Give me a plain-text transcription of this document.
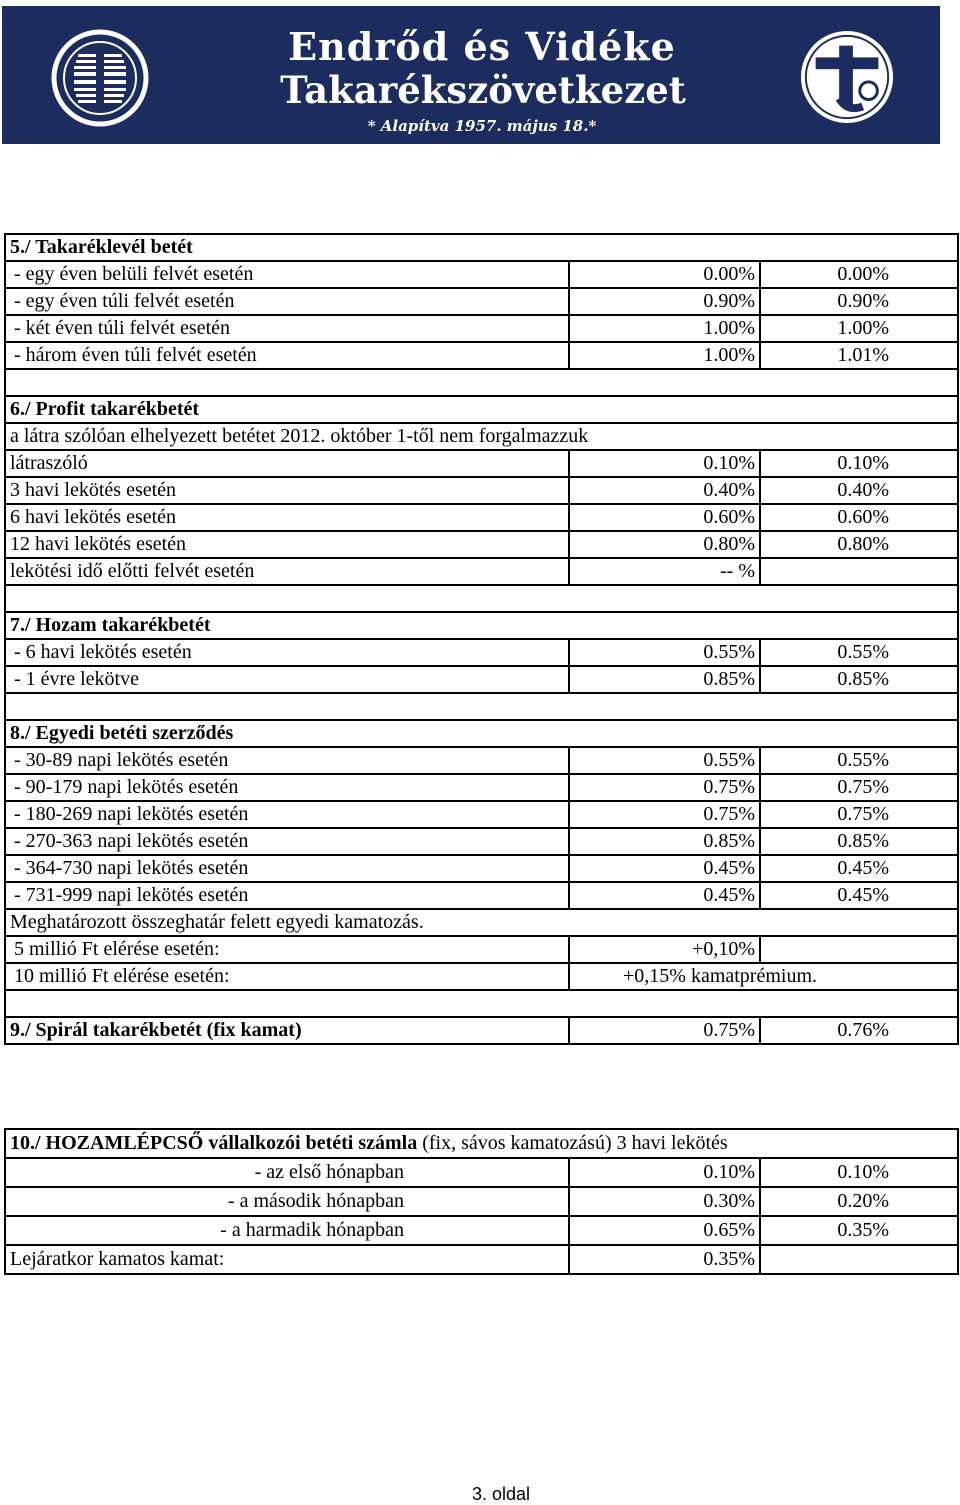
Endrőd és Vidéke
Takarékszövetkezet
* Alapítva 1957. május 18.*
5./ Takaréklevél betét		
- egy éven belüli felvét esetén	0.00%	0.00%
- egy éven túli felvét esetén	0.90%	0.90%
- két éven túli felvét esetén	1.00%	1.00%
- három éven túli felvét esetén	1.00%	1.01%

6./ Profit takarékbetét		
a látra szólóan elhelyezett betétet 2012. október 1-től nem forgalmazzuk		
látraszóló	0.10%	0.10%
3 havi lekötés esetén	0.40%	0.40%
6 havi lekötés esetén	0.60%	0.60%
12 havi lekötés esetén	0.80%	0.80%
lekötési idő előtti felvét esetén	-- %	

7./ Hozam takarékbetét		
- 6 havi lekötés esetén	0.55%	0.55%
- 1 évre lekötve	0.85%	0.85%

8./ Egyedi betéti szerződés		
- 30-89 napi lekötés esetén	0.55%	0.55%
- 90-179 napi lekötés esetén	0.75%	0.75%
- 180-269 napi lekötés esetén	0.75%	0.75%
- 270-363 napi lekötés esetén	0.85%	0.85%
- 364-730 napi lekötés esetén	0.45%	0.45%
- 731-999 napi lekötés esetén	0.45%	0.45%
Meghatározott összeghatár felett egyedi kamatozás.		
5 millió Ft elérése esetén:	+0,10%	
10 millió Ft elérése esetén:	+0,15% kamatprémium.	

9./ Spirál takarékbetét (fix kamat)	0.75%	0.76%
10./ HOZAMLÉPCSŐ vállalkozói betéti számla (fix, sávos kamatozású) 3 havi lekötés		
- az első hónapban	0.10%	0.10%
- a második hónapban	0.30%	0.20%
- a harmadik hónapban	0.65%	0.35%
Lejáratkor kamatos kamat:	0.35%	
3. oldal
